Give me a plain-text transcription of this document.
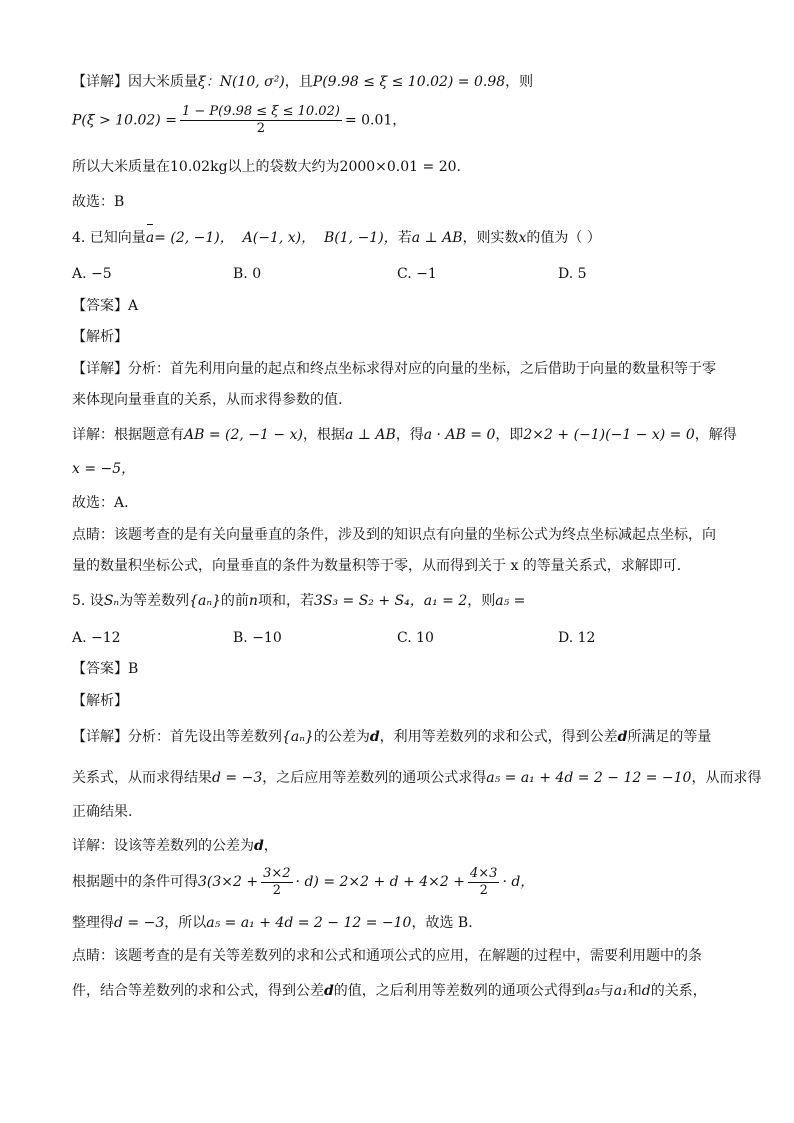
【详解】因大米质量ξ：N(10, σ²)，且P(9.98 ≤ ξ ≤ 10.02) = 0.98，则
$P(\xi > 10.02) = \frac{1 - P(9.98 \le \xi \le 10.02)}{2} = 0.01$，
所以大米质量在10.02kg以上的袋数大约为2000×0.01 = 20.
故选：B
4. 已知向量a= (2, −1)， A(−1, x)， B(1, −1)，若a ⊥ AB，则实数x的值为（ ）
A. −5	B. 0	C. −1	D. 5
【答案】A
【解析】
【详解】分析：首先利用向量的起点和终点坐标求得对应的向量的坐标，之后借助于向量的数量积等于零
来体现向量垂直的关系，从而求得参数的值.
详解：根据题意有AB = (2, −1 − x)，根据a ⊥ AB，得a · AB = 0，即2×2 + (−1)(−1 − x) = 0，解得
x = −5，
故选：A.
点睛：该题考查的是有关向量垂直的条件，涉及到的知识点有向量的坐标公式为终点坐标减起点坐标，向
量的数量积坐标公式，向量垂直的条件为数量积等于零，从而得到关于 x 的等量关系式，求解即可.
5. 设Sₙ为等差数列{aₙ}的前n项和，若3S₃ = S₂ + S₄，a₁ = 2，则a₅ =
A. −12	B. −10	C. 10	D. 12
【答案】B
【解析】
【详解】分析：首先设出等差数列{aₙ}的公差为d，利用等差数列的求和公式，得到公差d所满足的等量
关系式，从而求得结果d = −3，之后应用等差数列的通项公式求得a₅ = a₁ + 4d = 2 − 12 = −10，从而求得
正确结果.
详解：设该等差数列的公差为d，
根据题中的条件可得$3(3\times 2 + \frac{3\times 2}{2} \cdot d) = 2\times 2 + d + 4\times 2 + \frac{4\times 3}{2} \cdot d$，
整理得d = −3，所以a₅ = a₁ + 4d = 2 − 12 = −10，故选 B.
点睛：该题考查的是有关等差数列的求和公式和通项公式的应用，在解题的过程中，需要利用题中的条
件，结合等差数列的求和公式，得到公差d的值，之后利用等差数列的通项公式得到a₅与a₁和d的关系，
